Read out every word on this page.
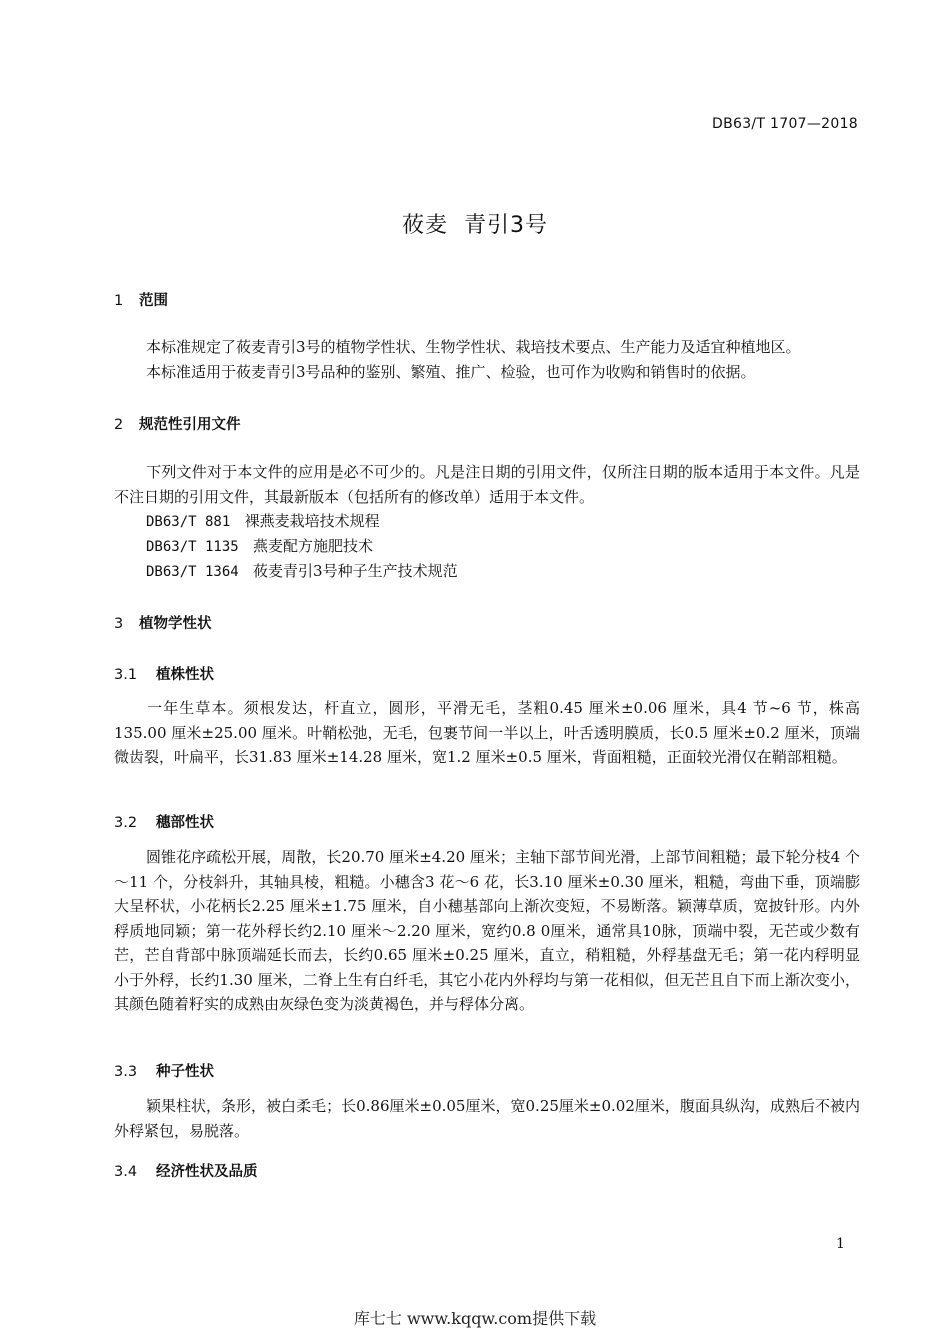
DB63/T 1707—2018
莜麦  青引3号
1 范围
本标准规定了莜麦青引3号的植物学性状、生物学性状、栽培技术要点、生产能力及适宜种植地区。
本标准适用于莜麦青引3号品种的鉴别、繁殖、推广、检验，也可作为收购和销售时的依据。
2 规范性引用文件
下列文件对于本文件的应用是必不可少的。凡是注日期的引用文件，仅所注日期的版本适用于本文件。凡是不注日期的引用文件，其最新版本（包括所有的修改单）适用于本文件。
DB63/T 881 裸燕麦栽培技术规程
DB63/T 1135 燕麦配方施肥技术
DB63/T 1364 莜麦青引3号种子生产技术规范
3 植物学性状
3.1 植株性状
一年生草本。须根发达，杆直立，圆形，平滑无毛，茎粗0.45 厘米±0.06 厘米，具4 节~6 节，株高135.00 厘米±25.00 厘米。叶鞘松弛，无毛，包裹节间一半以上，叶舌透明膜质，长0.5 厘米±0.2 厘米，顶端微齿裂，叶扁平，长31.83 厘米±14.28 厘米，宽1.2 厘米±0.5 厘米，背面粗糙，正面较光滑仅在鞘部粗糙。
3.2 穗部性状
圆锥花序疏松开展，周散，长20.70 厘米±4.20 厘米；主轴下部节间光滑，上部节间粗糙；最下轮分枝4 个～11 个，分枝斜升，其轴具棱，粗糙。小穗含3 花～6 花，长3.10 厘米±0.30 厘米，粗糙，弯曲下垂，顶端膨大呈杯状，小花柄长2.25 厘米±1.75 厘米，自小穗基部向上渐次变短，不易断落。颖薄草质，宽披针形。内外稃质地同颖；第一花外稃长约2.10 厘米～2.20 厘米，宽约0.8 0厘米，通常具10脉，顶端中裂，无芒或少数有芒，芒自背部中脉顶端延长而去，长约0.65 厘米±0.25 厘米，直立，稍粗糙，外稃基盘无毛；第一花内稃明显小于外稃，长约1.30 厘米，二脊上生有白纤毛，其它小花内外稃均与第一花相似，但无芒且自下而上渐次变小，其颜色随着籽实的成熟由灰绿色变为淡黄褐色，并与稃体分离。
3.3 种子性状
颖果柱状，条形，被白柔毛；长0.86厘米±0.05厘米，宽0.25厘米±0.02厘米，腹面具纵沟，成熟后不被内外稃紧包，易脱落。
3.4 经济性状及品质
1
库七七 www.kqqw.com提供下载
